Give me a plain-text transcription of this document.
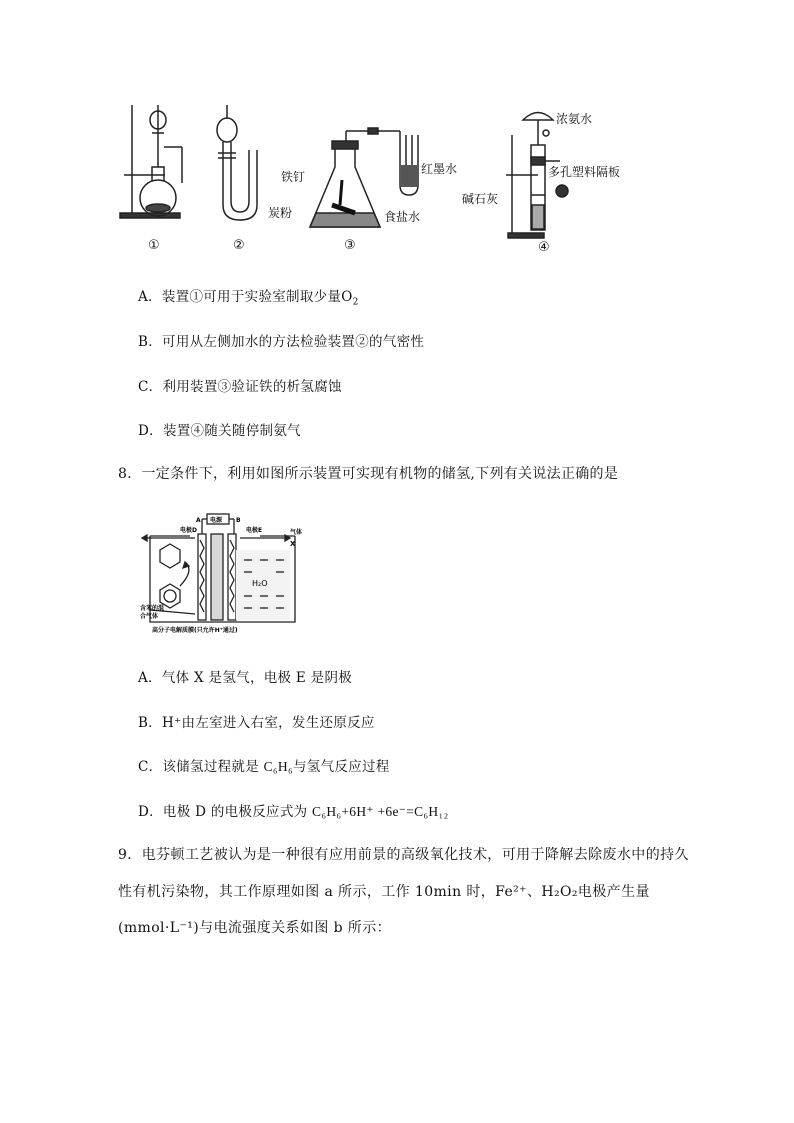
①	②	③	④
铁钉
红墨水
炭粉	食盐水
浓氨水
多孔塑料隔板
碱石灰
A．装置①可用于实验室制取少量$O_2$
B．可用从左侧加水的方法检验装置②的气密性
C．利用装置③验证铁的析氢腐蚀
D．装置④随关随停制氨气
8．一定条件下，利用如图所示装置可实现有机物的储氢,下列有关说法正确的是
电源
A	B
电极D	电极E	气体
X
H₂O
含苯的混
合气体
高分子电解质膜(只允许H⁺通过)
A．气体 X 是氢气，电极 E 是阴极
B．H⁺由左室进入右室，发生还原反应
C．该储氢过程就是 C₆H₆与氢气反应过程
D．电极 D 的电极反应式为 C₆H₆+6H⁺ +6e⁻=C₆H₁₂
9．电芬顿工艺被认为是一种很有应用前景的高级氧化技术，可用于降解去除废水中的持久
性有机污染物，其工作原理如图 a 所示，工作 10min 时，Fe²⁺、H₂O₂电极产生量
(mmol·L⁻¹)与电流强度关系如图 b 所示：
